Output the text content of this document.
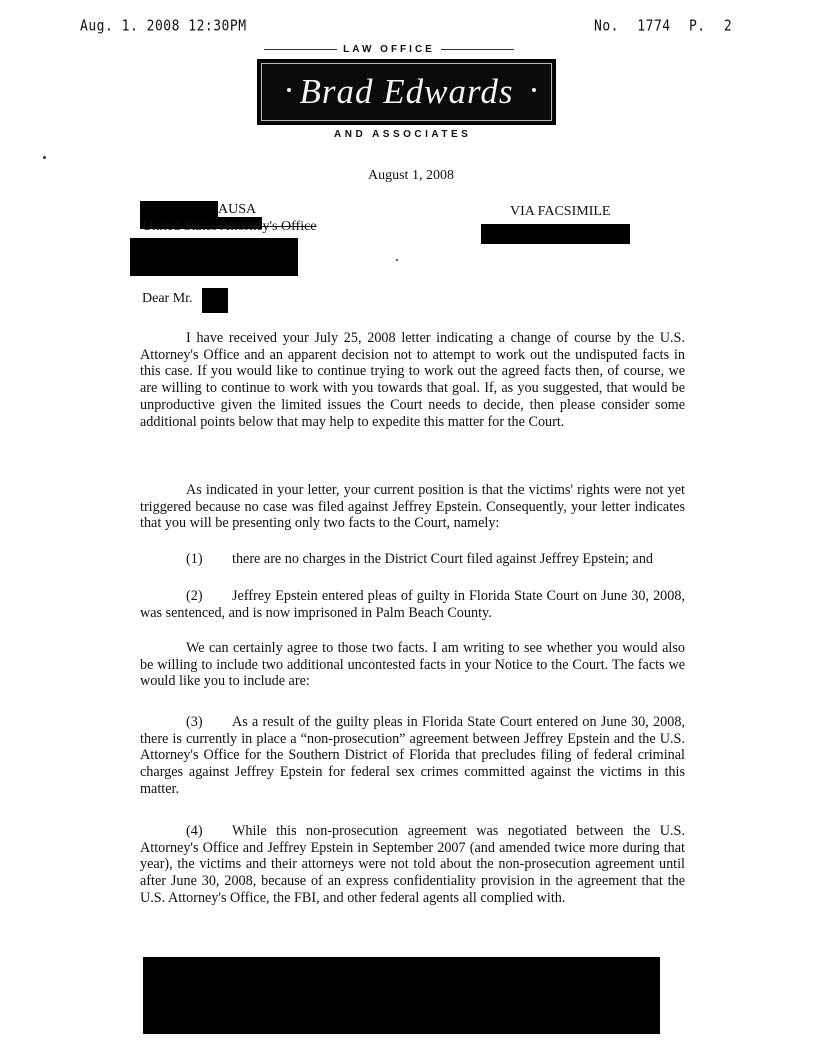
Aug. 1. 2008 12:30PM	No. 1774 P. 2
LAW OFFICE
Brad Edwards
AND ASSOCIATES
August 1, 2008
AUSA
United States Attorney's Office
VIA FACSIMILE
Dear Mr.

I have received your July 25, 2008 letter indicating a change of course by the U.S. Attorney's Office and an apparent decision not to attempt to work out the undisputed facts in this case. If you would like to continue trying to work out the agreed facts then, of course, we are willing to continue to work with you towards that goal. If, as you suggested, that would be unproductive given the limited issues the Court needs to decide, then please consider some additional points below that may help to expedite this matter for the Court.

As indicated in your letter, your current position is that the victims' rights were not yet triggered because no case was filed against Jeffrey Epstein. Consequently, your letter indicates that you will be presenting only two facts to the Court, namely:

(1) there are no charges in the District Court filed against Jeffrey Epstein; and

(2) Jeffrey Epstein entered pleas of guilty in Florida State Court on June 30, 2008, was sentenced, and is now imprisoned in Palm Beach County.

We can certainly agree to those two facts. I am writing to see whether you would also be willing to include two additional uncontested facts in your Notice to the Court. The facts we would like you to include are:

(3) As a result of the guilty pleas in Florida State Court entered on June 30, 2008, there is currently in place a “non-prosecution” agreement between Jeffrey Epstein and the U.S. Attorney's Office for the Southern District of Florida that precludes filing of federal criminal charges against Jeffrey Epstein for federal sex crimes committed against the victims in this matter.

(4) While this non-prosecution agreement was negotiated between the U.S. Attorney's Office and Jeffrey Epstein in September 2007 (and amended twice more during that year), the victims and their attorneys were not told about the non-prosecution agreement until after June 30, 2008, because of an express confidentiality provision in the agreement that the U.S. Attorney's Office, the FBI, and other federal agents all complied with.
